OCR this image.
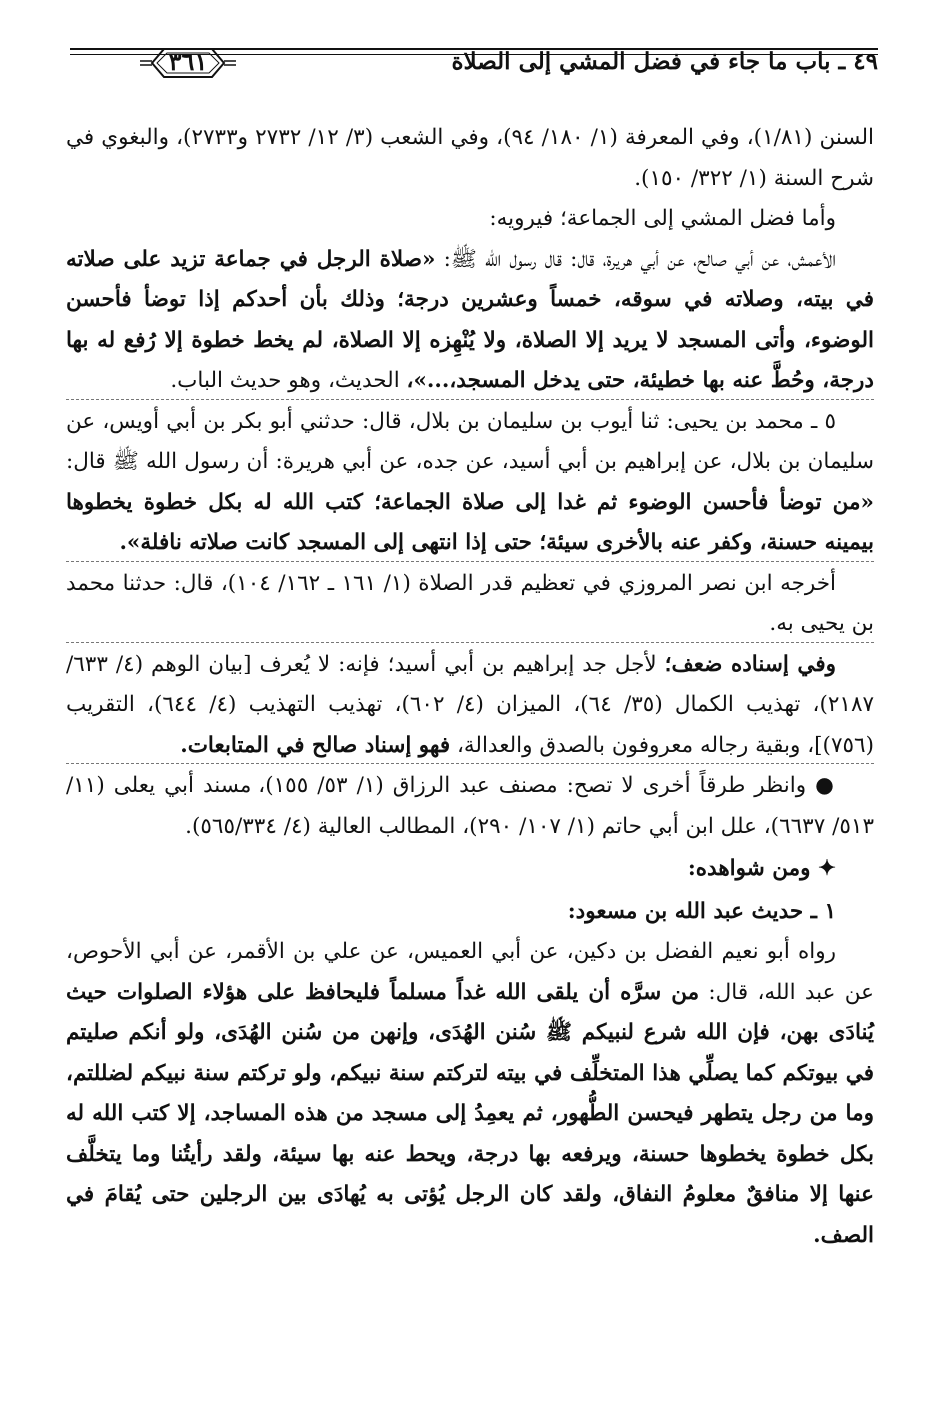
٤٩ ـ باب ما جاء في فضل المشي إلى الصلاة
٣٦١

السنن (١/٨١)، وفي المعرفة (١/ ١٨٠/ ٩٤)، وفي الشعب (٣/ ١٢/ ٢٧٣٢ و٢٧٣٣)، والبغوي في شرح السنة (١/ ٣٢٢/ ١٥٠).

وأما فضل المشي إلى الجماعة؛ فيرويه:

الأعمش، عن أبي صالح، عن أبي هريرة، قال: قال رسول الله ﷺ: «صلاة الرجل في جماعة تزيد على صلاته في بيته، وصلاته في سوقه، خمساً وعشرين درجة؛ وذلك بأن أحدكم إذا توضأ فأحسن الوضوء، وأتى المسجد لا يريد إلا الصلاة، ولا يُنْهِزه إلا الصلاة، لم يخط خطوة إلا رُفع له بها درجة، وحُطَّ عنه بها خطيئة، حتى يدخل المسجد،...»، الحديث، وهو حديث الباب.

٥ ـ محمد بن يحيى: ثنا أيوب بن سليمان بن بلال، قال: حدثني أبو بكر بن أبي أويس، عن سليمان بن بلال، عن إبراهيم بن أبي أسيد، عن جده، عن أبي هريرة: أن رسول الله ﷺ قال: «من توضأ فأحسن الوضوء ثم غدا إلى صلاة الجماعة؛ كتب الله له بكل خطوة يخطوها بيمينه حسنة، وكفر عنه بالأخرى سيئة؛ حتى إذا انتهى إلى المسجد كانت صلاته نافلة».

أخرجه ابن نصر المروزي في تعظيم قدر الصلاة (١/ ١٦١ ـ ١٦٢/ ١٠٤)، قال: حدثنا محمد بن يحيى به.

وفي إسناده ضعف؛ لأجل جد إبراهيم بن أبي أسيد؛ فإنه: لا يُعرف [بيان الوهم (٤/ ٦٣٣/ ٢١٨٧)، تهذيب الكمال (٣٥/ ٦٤)، الميزان (٤/ ٦٠٢)، تهذيب التهذيب (٤/ ٦٤٤)، التقريب (٧٥٦)]، وبقية رجاله معروفون بالصدق والعدالة، فهو إسناد صالح في المتابعات.

● وانظر طرقاً أخرى لا تصح: مصنف عبد الرزاق (١/ ٥٣/ ١٥٥)، مسند أبي يعلى (١١/ ٥١٣/ ٦٦٣٧)، علل ابن أبي حاتم (١/ ١٠٧/ ٢٩٠)، المطالب العالية (٤/ ٥٦٥/٣٣٤).

✦ ومن شواهده:

١ ـ حديث عبد الله بن مسعود:

رواه أبو نعيم الفضل بن دكين، عن أبي العميس، عن علي بن الأقمر، عن أبي الأحوص، عن عبد الله، قال: من سرَّه أن يلقى الله غداً مسلماً فليحافظ على هؤلاء الصلوات حيث يُنادَى بهن، فإن الله شرع لنبيكم ﷺ سُنن الهُدَى، وإنهن من سُنن الهُدَى، ولو أنكم صليتم في بيوتكم كما يصلِّي هذا المتخلِّف في بيته لتركتم سنة نبيكم، ولو تركتم سنة نبيكم لضللتم، وما من رجل يتطهر فيحسن الطُّهور، ثم يعمِدُ إلى مسجد من هذه المساجد، إلا كتب الله له بكل خطوة يخطوها حسنة، ويرفعه بها درجة، ويحط عنه بها سيئة، ولقد رأيتُنا وما يتخلَّف عنها إلا منافقٌ معلومُ النفاق، ولقد كان الرجل يُؤتى به يُهادَى بين الرجلين حتى يُقامَ في الصف.
